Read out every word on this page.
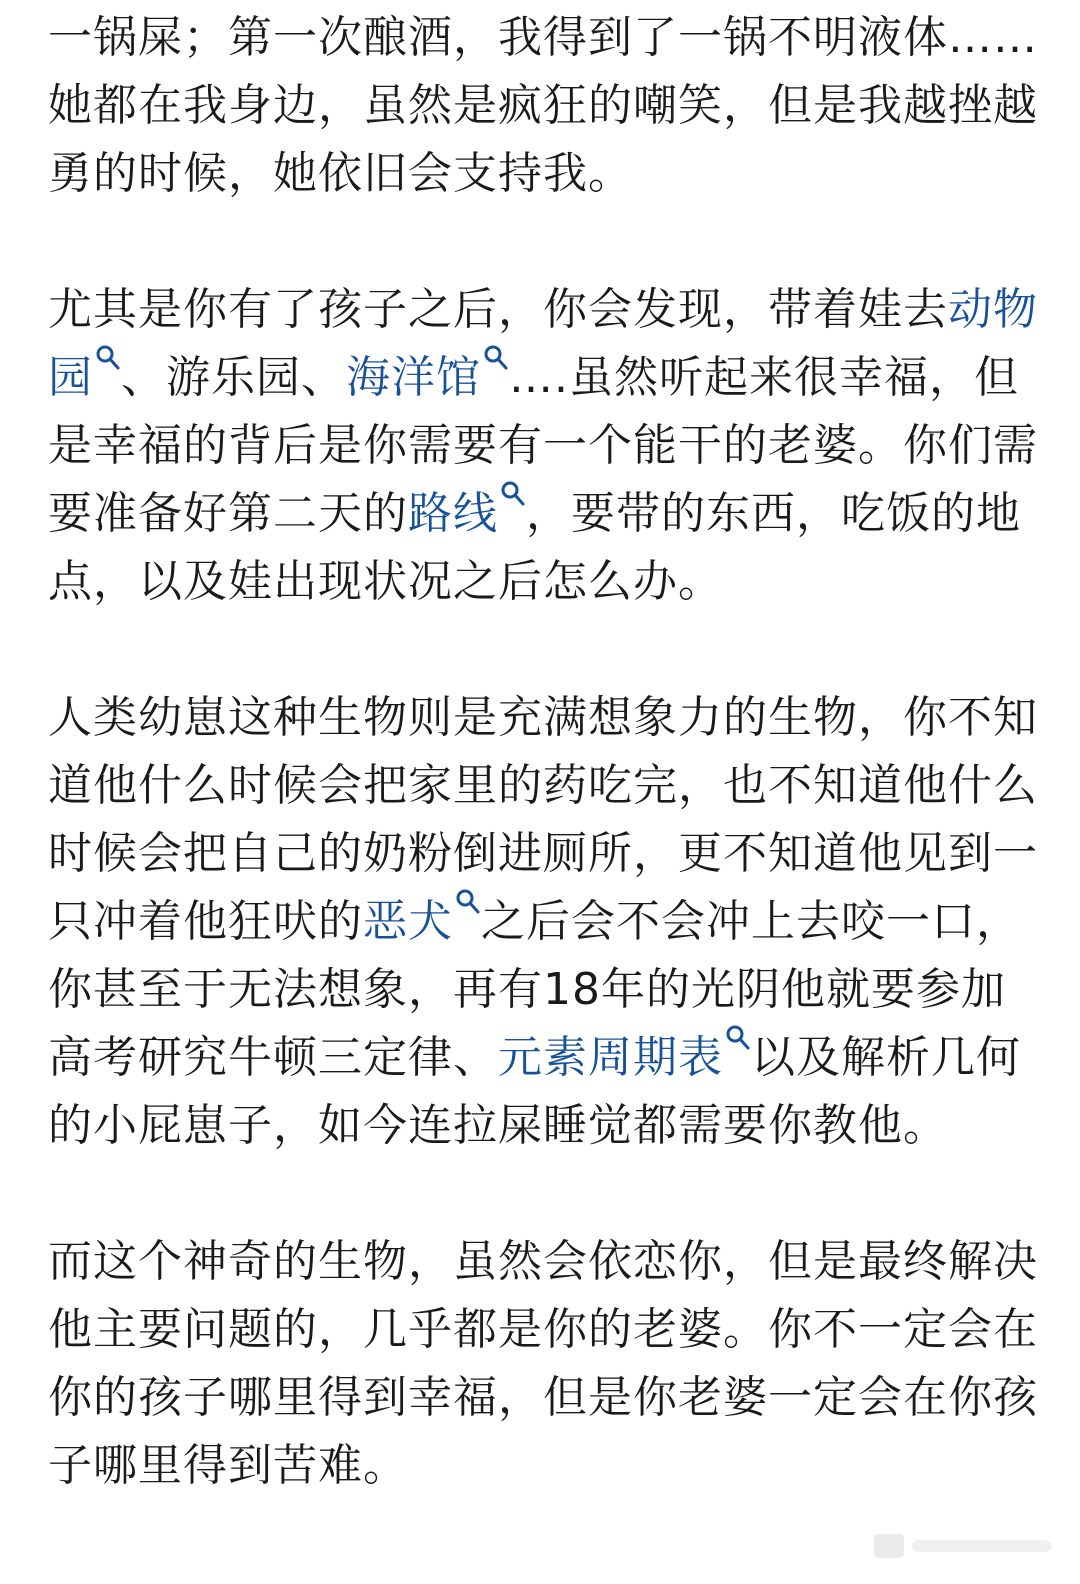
一锅屎；第一次酿酒，我得到了一锅不明液体……她都在我身边，虽然是疯狂的嘲笑，但是我越挫越勇的时候，她依旧会支持我。

尤其是你有了孩子之后，你会发现，带着娃去动物园 、游乐园、海洋馆 ….虽然听起来很幸福，但是幸福的背后是你需要有一个能干的老婆。你们需要准备好第二天的路线 ，要带的东西，吃饭的地点，以及娃出现状况之后怎么办。

人类幼崽这种生物则是充满想象力的生物，你不知道他什么时候会把家里的药吃完，也不知道他什么时候会把自己的奶粉倒进厕所，更不知道他见到一只冲着他狂吠的恶犬 之后会不会冲上去咬一口，你甚至于无法想象，再有18年的光阴他就要参加高考研究牛顿三定律、元素周期表 以及解析几何的小屁崽子，如今连拉屎睡觉都需要你教他。

而这个神奇的生物，虽然会依恋你，但是最终解决他主要问题的，几乎都是你的老婆。你不一定会在你的孩子哪里得到幸福，但是你老婆一定会在你孩子哪里得到苦难。
